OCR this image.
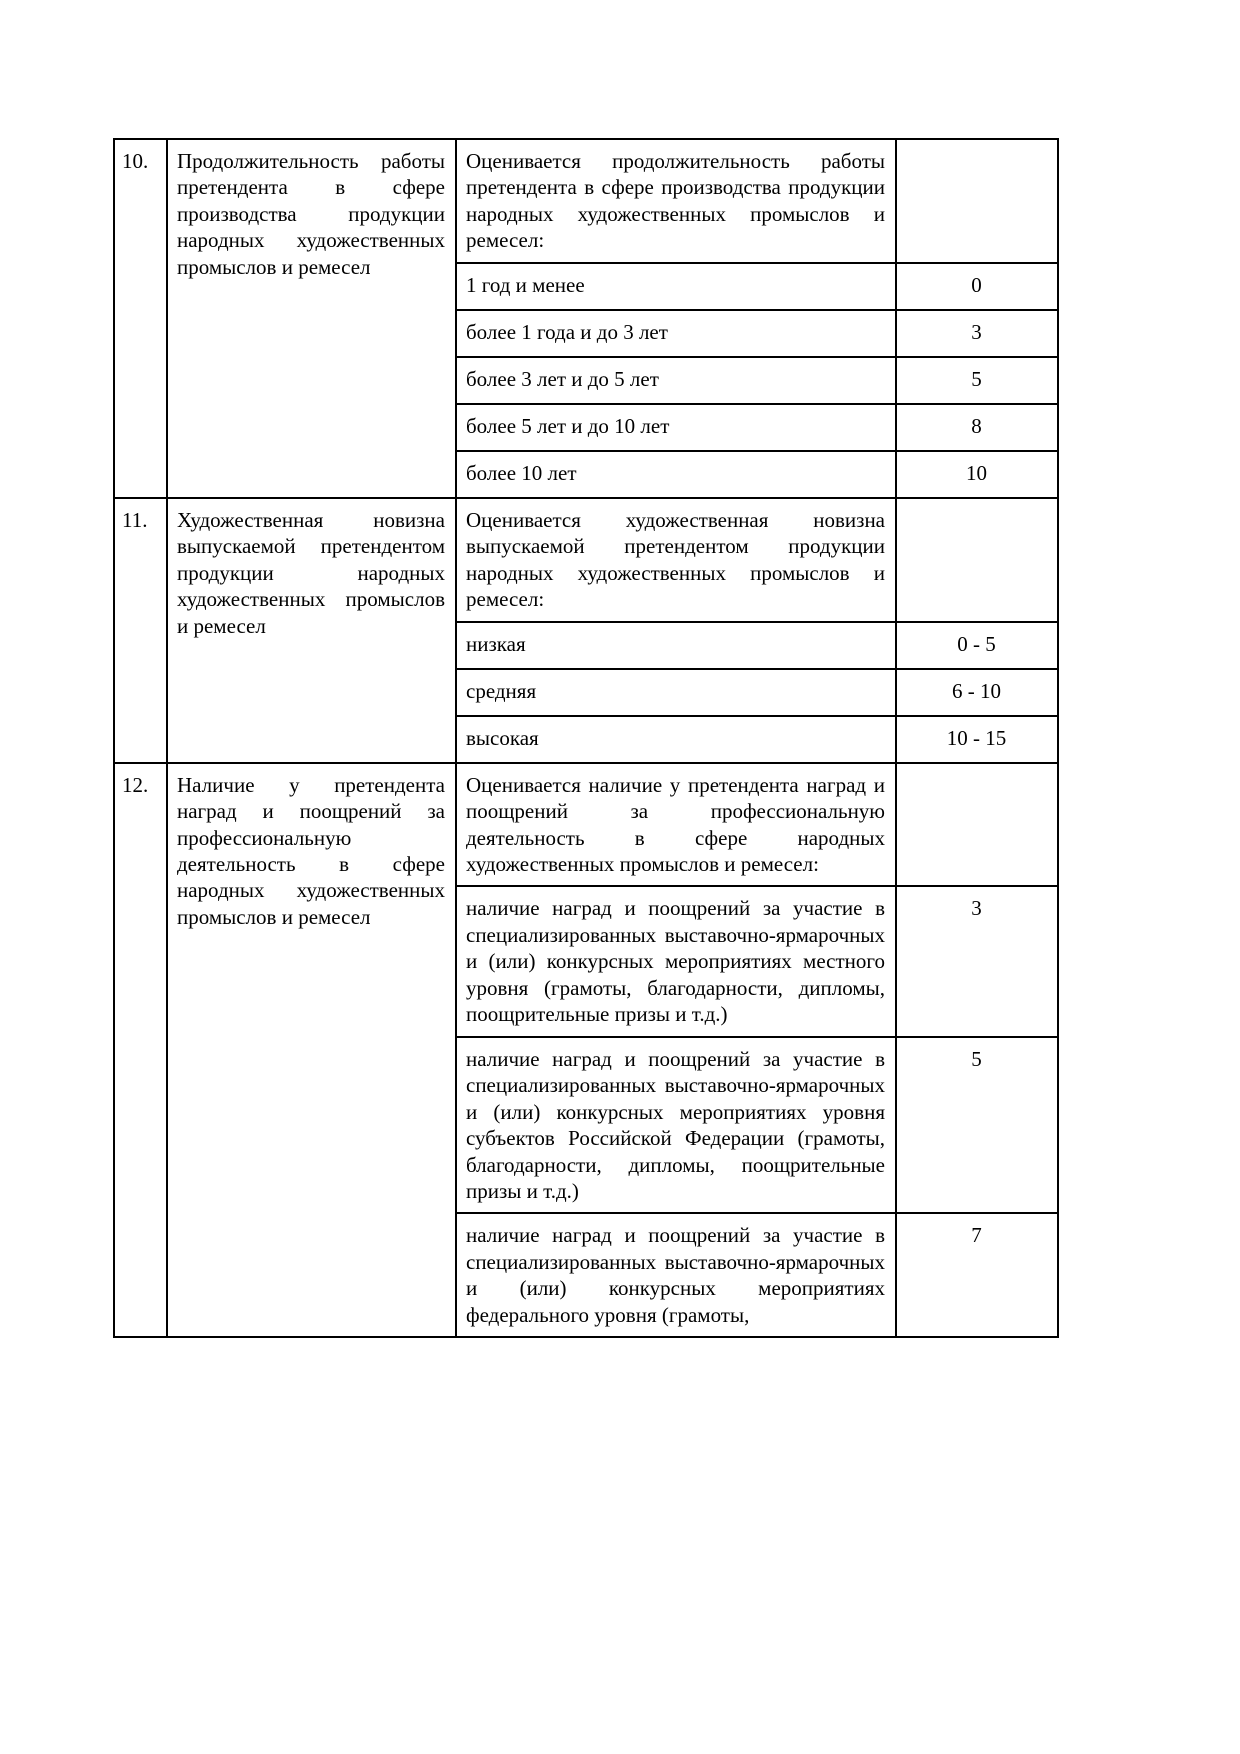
10.	Продолжительность работы претендента в сфере производства продукции народных художественных промыслов и ремесел	Оценивается продолжительность работы претендента в сфере производства продукции народных художественных промыслов и ремесел:	
		1 год и менее	0
		более 1 года и до 3 лет	3
		более 3 лет и до 5 лет	5
		более 5 лет и до 10 лет	8
		более 10 лет	10
11.	Художественная новизна выпускаемой претендентом продукции народных художественных промыслов и ремесел	Оценивается художественная новизна выпускаемой претендентом продукции народных художественных промыслов и ремесел:	
		низкая	0 - 5
		средняя	6 - 10
		высокая	10 - 15
12.	Наличие у претендента наград и поощрений за профессиональную деятельность в сфере народных художественных промыслов и ремесел	Оценивается наличие у претендента наград и поощрений за профессиональную деятельность в сфере народных художественных промыслов и ремесел:	
		наличие наград и поощрений за участие в специализированных выставочно-ярмарочных и (или) конкурсных мероприятиях местного уровня (грамоты, благодарности, дипломы, поощрительные призы и т.д.)	3
		наличие наград и поощрений за участие в специализированных выставочно-ярмарочных и (или) конкурсных мероприятиях уровня субъектов Российской Федерации (грамоты, благодарности, дипломы, поощрительные призы и т.д.)	5
		наличие наград и поощрений за участие в специализированных выставочно-ярмарочных и (или) конкурсных мероприятиях федерального уровня (грамоты,	7
